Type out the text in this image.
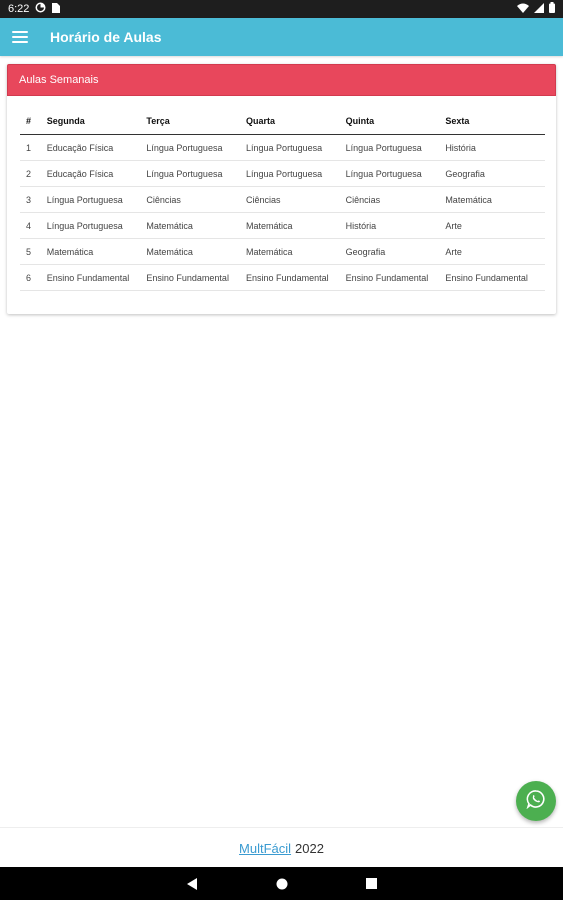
6:22
Horário de Aulas
Aulas Semanais
#	Segunda	Terça	Quarta	Quinta	Sexta
1	Educação Física	Língua Portuguesa	Língua Portuguesa	Língua Portuguesa	História
2	Educação Física	Língua Portuguesa	Língua Portuguesa	Língua Portuguesa	Geografia
3	Língua Portuguesa	Ciências	Ciências	Ciências	Matemática
4	Língua Portuguesa	Matemática	Matemática	História	Arte
5	Matemática	Matemática	Matemática	Geografia	Arte
6	Ensino Fundamental	Ensino Fundamental	Ensino Fundamental	Ensino Fundamental	Ensino Fundamental
MultFácil 2022
